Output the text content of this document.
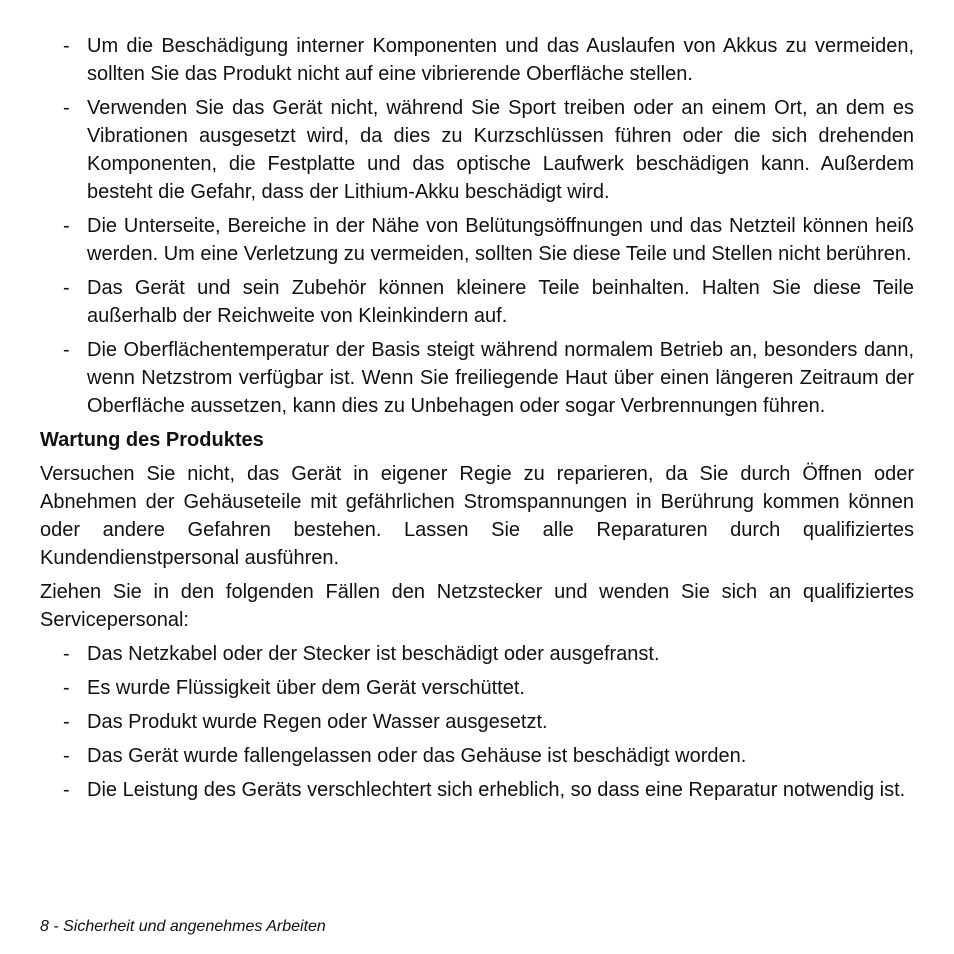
- Um die Beschädigung interner Komponenten und das Auslaufen von Akkus zu vermeiden, sollten Sie das Produkt nicht auf eine vibrierende Oberfläche stellen.
- Verwenden Sie das Gerät nicht, während Sie Sport treiben oder an einem Ort, an dem es Vibrationen ausgesetzt wird, da dies zu Kurzschlüssen führen oder die sich drehenden Komponenten, die Festplatte und das optische Laufwerk beschädigen kann. Außerdem besteht die Gefahr, dass der Lithium-Akku beschädigt wird.
- Die Unterseite, Bereiche in der Nähe von Belütungsöffnungen und das Netzteil können heiß werden. Um eine Verletzung zu vermeiden, sollten Sie diese Teile und Stellen nicht berühren.
- Das Gerät und sein Zubehör können kleinere Teile beinhalten. Halten Sie diese Teile außerhalb der Reichweite von Kleinkindern auf.
- Die Oberflächentemperatur der Basis steigt während normalem Betrieb an, besonders dann, wenn Netzstrom verfügbar ist. Wenn Sie freiliegende Haut über einen längeren Zeitraum der Oberfläche aussetzen, kann dies zu Unbehagen oder sogar Verbrennungen führen.
Wartung des Produktes

Versuchen Sie nicht, das Gerät in eigener Regie zu reparieren, da Sie durch Öffnen oder Abnehmen der Gehäuseteile mit gefährlichen Stromspannungen in Berührung kommen können oder andere Gefahren bestehen. Lassen Sie alle Reparaturen durch qualifiziertes Kundendienstpersonal ausführen.

Ziehen Sie in den folgenden Fällen den Netzstecker und wenden Sie sich an qualifiziertes Servicepersonal:

- Das Netzkabel oder der Stecker ist beschädigt oder ausgefranst.
- Es wurde Flüssigkeit über dem Gerät verschüttet.
- Das Produkt wurde Regen oder Wasser ausgesetzt.
- Das Gerät wurde fallengelassen oder das Gehäuse ist beschädigt worden.
- Die Leistung des Geräts verschlechtert sich erheblich, so dass eine Reparatur notwendig ist.
8 - Sicherheit und angenehmes Arbeiten
